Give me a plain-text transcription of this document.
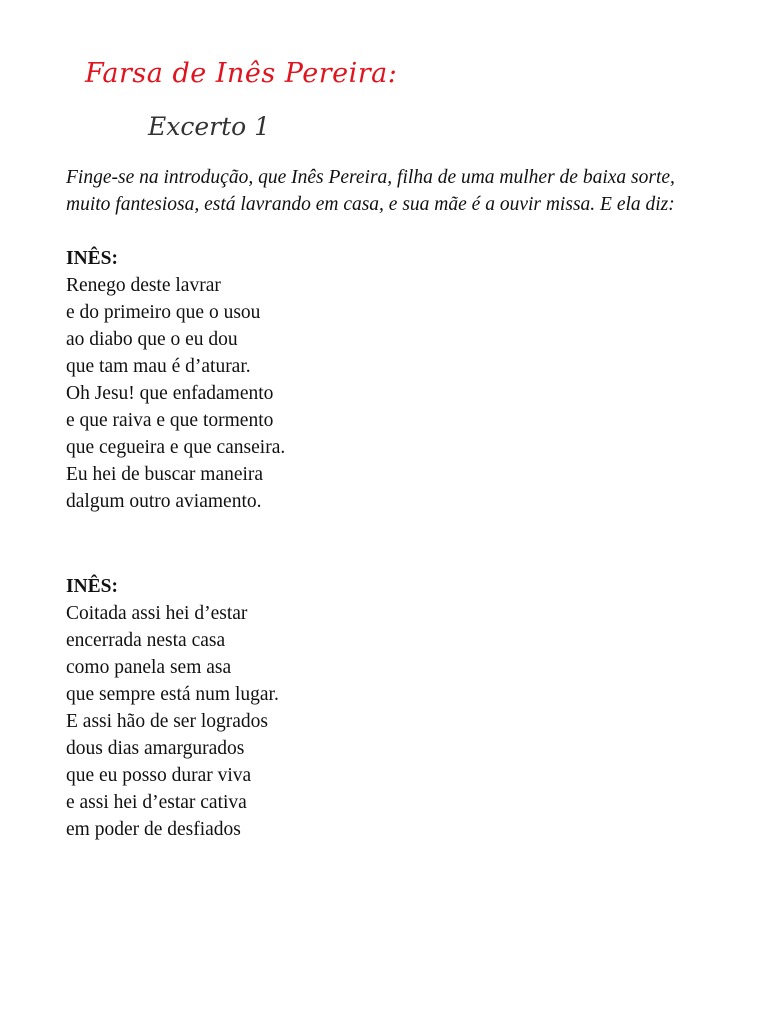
Farsa de Inês Pereira:
Excerto 1

Finge-se na introdução, que Inês Pereira, filha de uma mulher de baixa sorte, muito fantesiosa, está lavrando em casa, e sua mãe é a ouvir missa. E ela diz:

INÊS:
Renego deste lavrar
e do primeiro que o usou
ao diabo que o eu dou
que tam mau é d’aturar.
Oh Jesu! que enfadamento
e que raiva e que tormento
que cegueira e que canseira.
Eu hei de buscar maneira
dalgum outro aviamento.
INÊS:
Coitada assi hei d’estar
encerrada nesta casa
como panela sem asa
que sempre está num lugar.
E assi hão de ser logrados
dous dias amargurados
que eu posso durar viva
e assi hei d’estar cativa
em poder de desfiados
